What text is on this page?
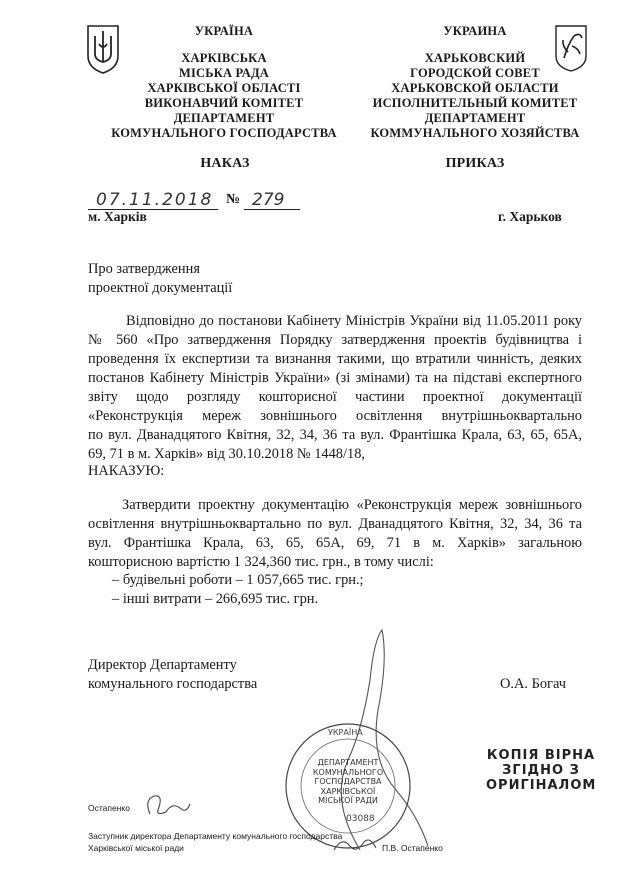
УКРАЇНА
ХАРКІВСЬКА
МІСЬКА РАДА
ХАРКІВСЬКОЇ ОБЛАСТІ
ВИКОНАВЧИЙ КОМІТЕТ
ДЕПАРТАМЕНТ
КОМУНАЛЬНОГО ГОСПОДАРСТВА
УКРАИНА
ХАРЬКОВСКИЙ
ГОРОДСКОЙ СОВЕТ
ХАРЬКОВСКОЙ ОБЛАСТИ
ИСПОЛНИТЕЛЬНЫЙ КОМИТЕТ
ДЕПАРТАМЕНТ
КОММУНАЛЬНОГО ХОЗЯЙСТВА
НАКАЗ	ПРИКАЗ
07.11.2018 № 279
м. Харків	г. Харьков
Про затвердження
проектної документації
Відповідно до постанови Кабінету Міністрів України від 11.05.2011 року
№ 560 «Про затвердження Порядку затвердження проектів будівництва і
проведення їх експертизи та визнання такими, що втратили чинність, деяких
постанов Кабінету Міністрів України» (зі змінами) та на підставі експертного
звіту щодо розгляду кошторисної частини проектної документації
«Реконструкція мереж зовнішнього освітлення внутрішньоквартально
по вул. Дванадцятого Квітня, 32, 34, 36 та вул. Франтішка Крала, 63, 65, 65А,
69, 71 в м. Харків» від 30.10.2018 № 1448/18,
НАКАЗУЮ:
Затвердити проектну документацію «Реконструкція мереж зовнішнього
освітлення внутрішньоквартально по вул. Дванадцятого Квітня, 32, 34, 36 та
вул. Франтішка Крала, 63, 65, 65А, 69, 71 в м. Харків» загальною
кошторисною вартістю 1 324,360 тис. грн., в тому числі:
– будівельні роботи – 1 057,665 тис. грн.;
– інші витрати – 266,695 тис. грн.
Директор Департаменту
комунального господарства	О.А. Богач
УКРАЇНА
ДЕПАРТАМЕНТ
КОМУНАЛЬНОГО
ГОСПОДАРСТВА
ХАРКІВСЬКОЇ
МІСЬКОЇ РАДИ
03088
КОПІЯ ВІРНА
ЗГІДНО З
ОРИГІНАЛОМ
Остапенко
Заступник директора Департаменту комунального господарства
Харківської міської ради	П.В. Остапенко
